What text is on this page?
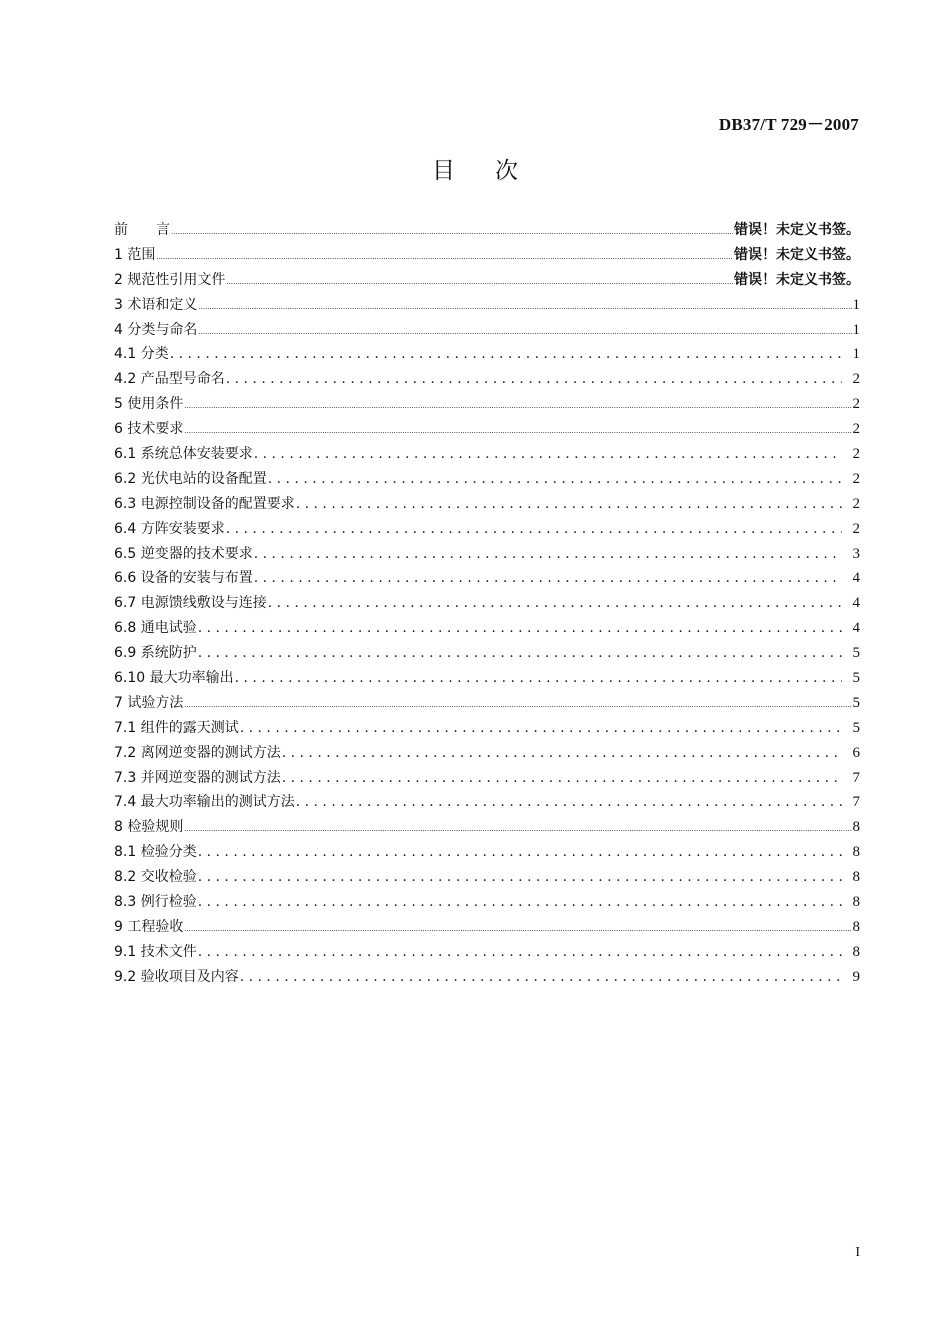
DB37/T 729－2007
目 次
前　　言 .....	错误！未定义书签。
1 范围 .....	错误！未定义书签。
2 规范性引用文件 .....	错误！未定义书签。
3 术语和定义 .....	1
4 分类与命名 .....	1
4.1 分类 . . .	1
4.2 产品型号命名 . . .	2
5 使用条件 .....	2
6 技术要求 .....	2
6.1 系统总体安装要求 . . .	2
6.2 光伏电站的设备配置 . . .	2
6.3 电源控制设备的配置要求 . . .	2
6.4 方阵安装要求 . . .	2
6.5 逆变器的技术要求 . . .	3
6.6 设备的安装与布置 . . .	4
6.7 电源馈线敷设与连接 . . .	4
6.8 通电试验 . . .	4
6.9 系统防护 . . .	5
6.10 最大功率输出 . . .	5
7 试验方法 .....	5
7.1 组件的露天测试 . . .	5
7.2 离网逆变器的测试方法 . . .	6
7.3 并网逆变器的测试方法 . . .	7
7.4 最大功率输出的测试方法 . . .	7
8 检验规则 .....	8
8.1 检验分类 . . .	8
8.2 交收检验 . . .	8
8.3 例行检验 . . .	8
9 工程验收 .....	8
9.1 技术文件 . . .	8
9.2 验收项目及内容 . . .	9
I
